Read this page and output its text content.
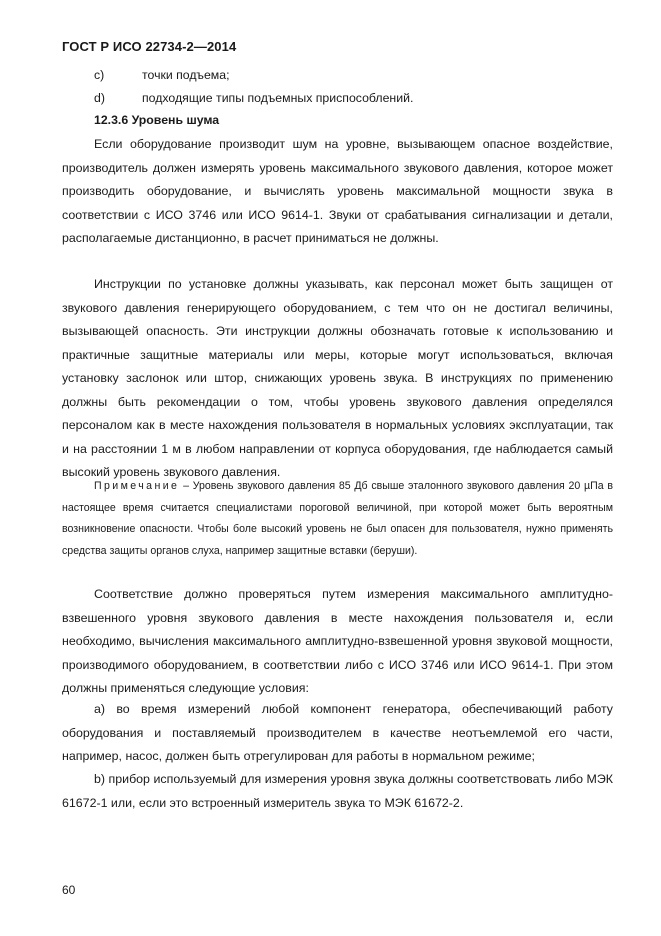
ГОСТ Р ИСО 22734-2—2014
c)	точки подъема;
d)	подходящие типы подъемных приспособлений.
12.3.6 Уровень шума

Если оборудование производит шум на уровне, вызывающем опасное воздействие, производитель должен измерять уровень максимального звукового давления, которое может производить оборудование, и вычислять уровень максимальной мощности звука в соответствии с ИСО 3746 или ИСО 9614-1. Звуки от срабатывания сигнализации и детали, располагаемые дистанционно, в расчет приниматься не должны.

Инструкции по установке должны указывать, как персонал может быть защищен от звукового давления генерирующего оборудованием, с тем что он не достигал величины, вызывающей опасность. Эти инструкции должны обозначать готовые к использованию и практичные защитные материалы или меры, которые могут использоваться, включая установку заслонок или штор, снижающих уровень звука. В инструкциях по применению должны быть рекомендации о том, чтобы уровень звукового давления определялся персоналом как в месте нахождения пользователя в нормальных условиях эксплуатации, так и на расстоянии 1 м в любом направлении от корпуса оборудования, где наблюдается самый высокий уровень звукового давления.

Примечание – Уровень звукового давления 85 Дб свыше эталонного звукового давления 20 µПа в настоящее время считается специалистами пороговой величиной, при которой может быть вероятным возникновение опасности. Чтобы боле высокий уровень не был опасен для пользователя, нужно применять средства защиты органов слуха, например защитные вставки (беруши).

Соответствие должно проверяться путем измерения максимального амплитудно-взвешенного уровня звукового давления в месте нахождения пользователя и, если необходимо, вычисления максимального амплитудно-взвешенной уровня звуковой мощности, производимого оборудованием, в соответствии либо с ИСО 3746 или ИСО 9614-1. При этом должны применяться следующие условия:

а) во время измерений любой компонент генератора, обеспечивающий работу оборудования и поставляемый производителем в качестве неотъемлемой его части, например, насос, должен быть отрегулирован для работы в нормальном режиме;

b) прибор используемый для измерения уровня звука должны соответствовать либо МЭК 61672-1 или, если это встроенный измеритель звука то МЭК 61672-2.

60
